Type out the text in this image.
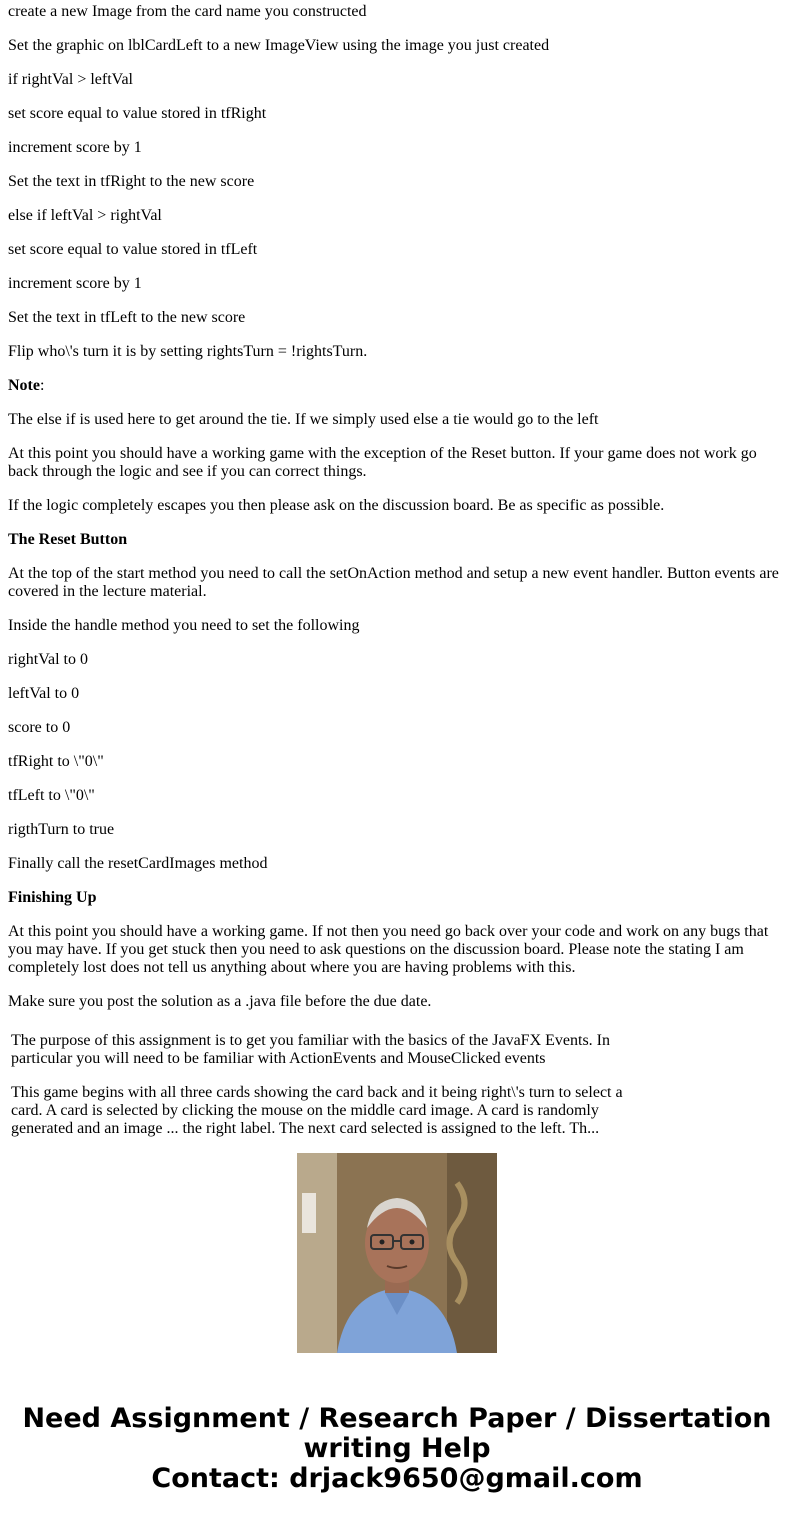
create a new Image from the card name you constructed

Set the graphic on lblCardLeft to a new ImageView using the image you just created

if rightVal > leftVal

set score equal to value stored in tfRight

increment score by 1

Set the text in tfRight to the new score

else if leftVal > rightVal

set score equal to value stored in tfLeft

increment score by 1

Set the text in tfLeft to the new score

Flip who\'s turn it is by setting rightsTurn = !rightsTurn.

Note:

The else if is used here to get around the tie. If we simply used else a tie would go to the left

At this point you should have a working game with the exception of the Reset button. If your game does not work go back through the logic and see if you can correct things.

If the logic completely escapes you then please ask on the discussion board. Be as specific as possible.

The Reset Button

At the top of the start method you need to call the setOnAction method and setup a new event handler. Button events are covered in the lecture material.

Inside the handle method you need to set the following

rightVal to 0

leftVal to 0

score to 0

tfRight to \"0\"

tfLeft to \"0\"

rigthTurn to true

Finally call the resetCardImages method

Finishing Up

At this point you should have a working game. If not then you need go back over your code and work on any bugs that you may have. If you get stuck then you need to ask questions on the discussion board. Please note the stating I am completely lost does not tell us anything about where you are having problems with this.

Make sure you post the solution as a .java file before the due date.

The purpose of this assignment is to get you familiar with the basics of the JavaFX Events. In particular you will need to be familiar with ActionEvents and MouseClicked events

This game begins with all three cards showing the card back and it being right\'s turn to select a card. A card is selected by clicking the mouse on the middle card image. A card is randomly generated and an image ... the right label. The next card selected is assigned to the left. Th...

Need Assignment / Research Paper / Dissertation
writing Help
Contact: drjack9650@gmail.com
